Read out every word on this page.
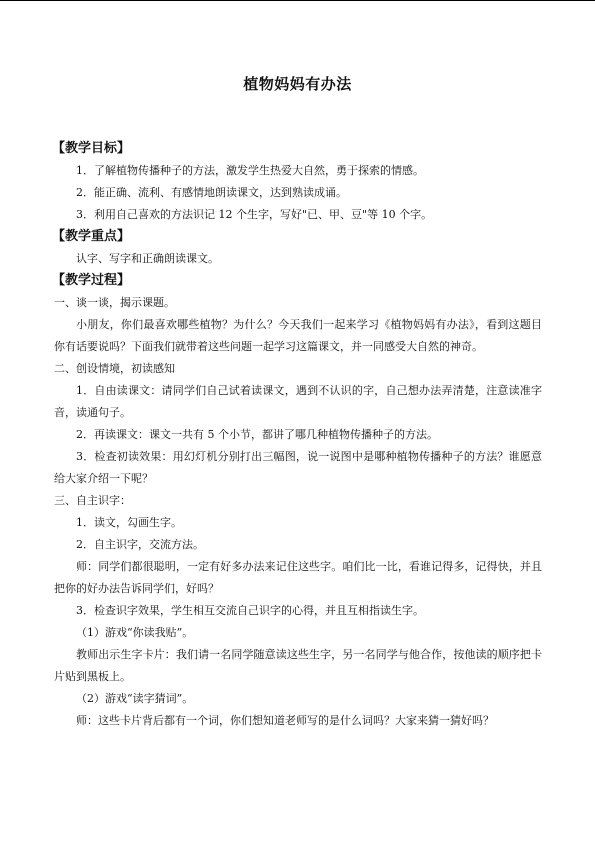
植物妈妈有办法
【教学目标】
1．了解植物传播种子的方法，激发学生热爱大自然，勇于探索的情感。
2．能正确、流利、有感情地朗读课文，达到熟读成诵。
3．利用自己喜欢的方法识记 12 个生字，写好"已、甲、豆"等 10 个字。
【教学重点】
认字、写字和正确朗读课文。
【教学过程】
一、谈一谈，揭示课题。
小朋友，你们最喜欢哪些植物？为什么？今天我们一起来学习《植物妈妈有办法》，看到这题目你有话要说吗？下面我们就带着这些问题一起学习这篇课文，并一同感受大自然的神奇。
二、创设情境，初读感知
1．自由读课文：请同学们自己试着读课文，遇到不认识的字，自己想办法弄清楚，注意读准字音，读通句子。
2．再读课文：课文一共有 5 个小节，都讲了哪几种植物传播种子的方法。
3．检查初读效果：用幻灯机分别打出三幅图，说一说图中是哪种植物传播种子的方法？谁愿意给大家介绍一下呢？
三、自主识字：
1．读文，勾画生字。
2．自主识字，交流方法。
师：同学们都很聪明，一定有好多办法来记住这些字。咱们比一比，看谁记得多，记得快，并且把你的好办法告诉同学们，好吗？
3．检查识字效果，学生相互交流自己识字的心得，并且互相指读生字。
（1）游戏“你读我贴”。
教师出示生字卡片：我们请一名同学随意读这些生字，另一名同学与他合作，按他读的顺序把卡片贴到黑板上。
（2）游戏“读字猜词”。
师：这些卡片背后都有一个词，你们想知道老师写的是什么词吗？大家来猜一猜好吗？
